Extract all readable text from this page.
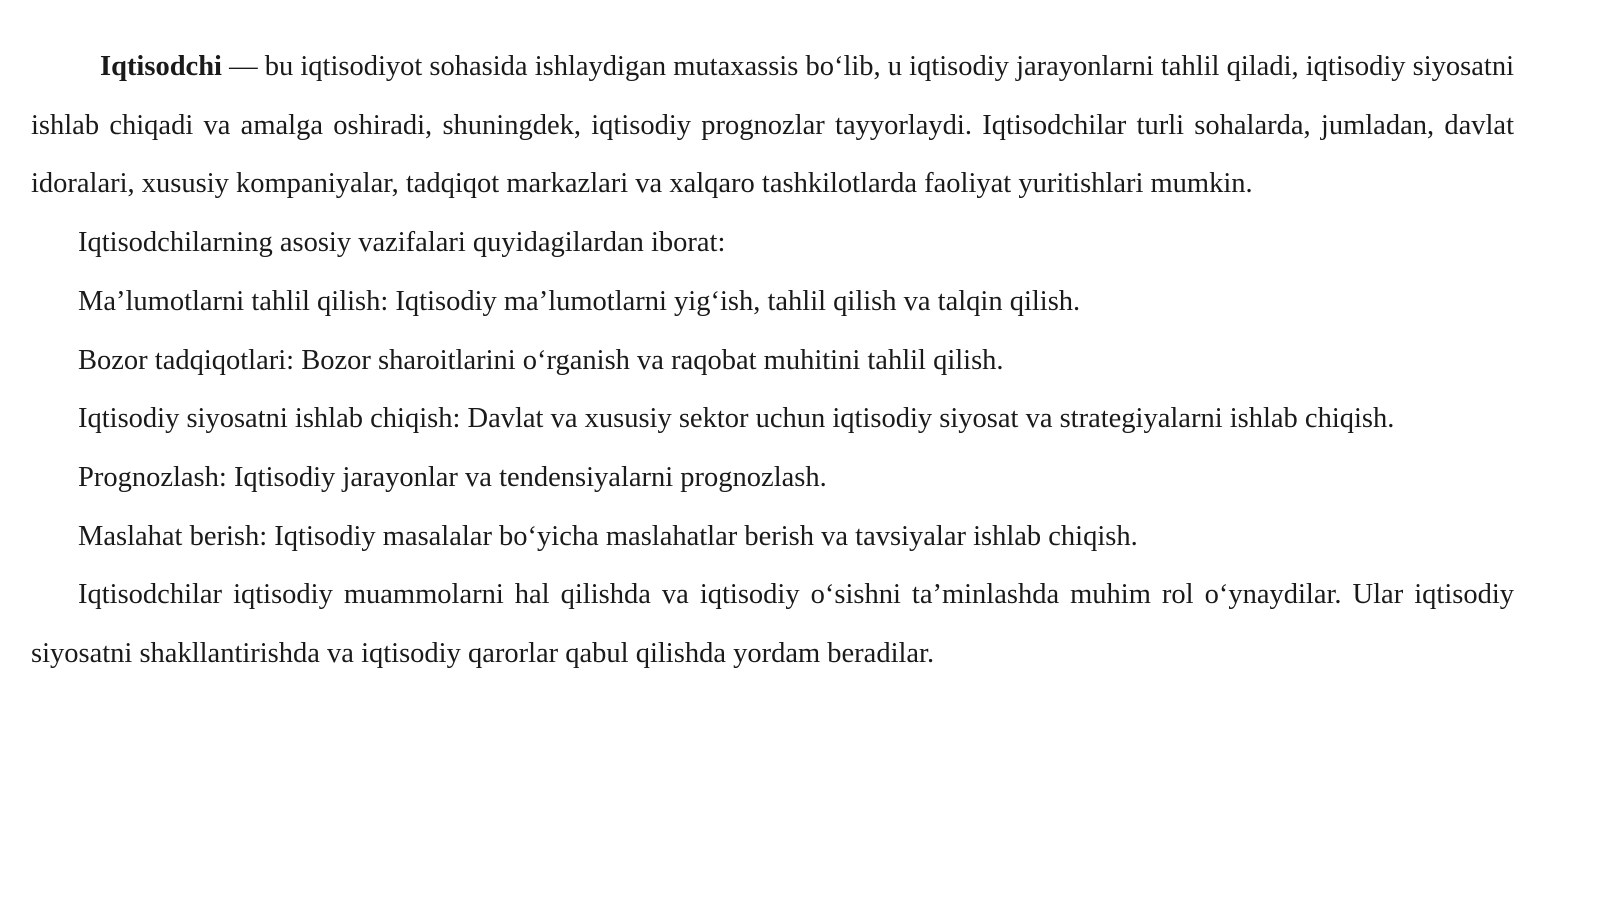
Iqtisodchi — bu iqtisodiyot sohasida ishlaydigan mutaxassis bo‘lib, u iqtisodiy jarayonlarni tahlil qiladi, iqtisodiy siyosatni ishlab chiqadi va amalga oshiradi, shuningdek, iqtisodiy prognozlar tayyorlaydi. Iqtisodchilar turli sohalarda, jumladan, davlat idoralari, xususiy kompaniyalar, tadqiqot markazlari va xalqaro tashkilotlarda faoliyat yuritishlari mumkin.

Iqtisodchilarning asosiy vazifalari quyidagilardan iborat:

Ma’lumotlarni tahlil qilish: Iqtisodiy ma’lumotlarni yig‘ish, tahlil qilish va talqin qilish.

Bozor tadqiqotlari: Bozor sharoitlarini o‘rganish va raqobat muhitini tahlil qilish.

Iqtisodiy siyosatni ishlab chiqish: Davlat va xususiy sektor uchun iqtisodiy siyosat va strategiyalarni ishlab chiqish.

Prognozlash: Iqtisodiy jarayonlar va tendensiyalarni prognozlash.

Maslahat berish: Iqtisodiy masalalar bo‘yicha maslahatlar berish va tavsiyalar ishlab chiqish.

Iqtisodchilar iqtisodiy muammolarni hal qilishda va iqtisodiy o‘sishni ta’minlashda muhim rol o‘ynaydilar. Ular iqtisodiy siyosatni shakllantirishda va iqtisodiy qarorlar qabul qilishda yordam beradilar.
